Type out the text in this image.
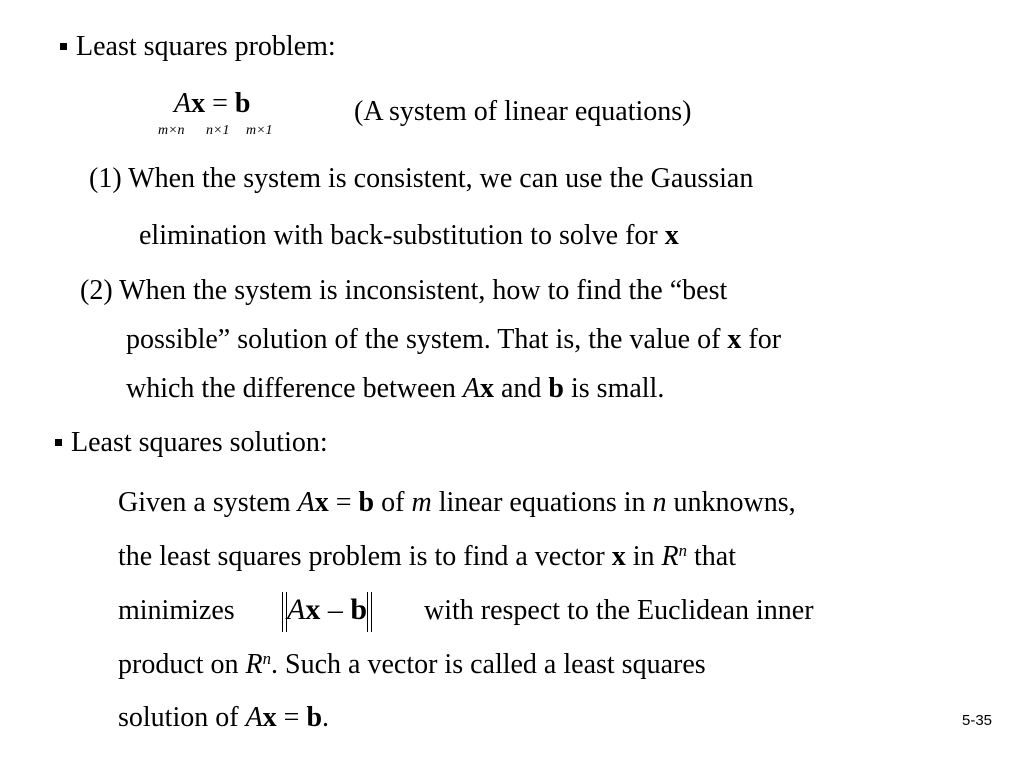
Least squares problem:
Ax = b
m×n n×1 m×1
(A system of linear equations)
(1) When the system is consistent, we can use the Gaussian
elimination with back-substitution to solve for x
(2) When the system is inconsistent, how to find the “best
possible” solution of the system. That is, the value of x for
which the difference between Ax and b is small.
Least squares solution:
Given a system Ax = b of m linear equations in n unknowns,
the least squares problem is to find a vector x in $R^n$ that
minimizes Ax – b with respect to the Euclidean inner
product on $R^n$. Such a vector is called a least squares
solution of Ax = b.	5-35
